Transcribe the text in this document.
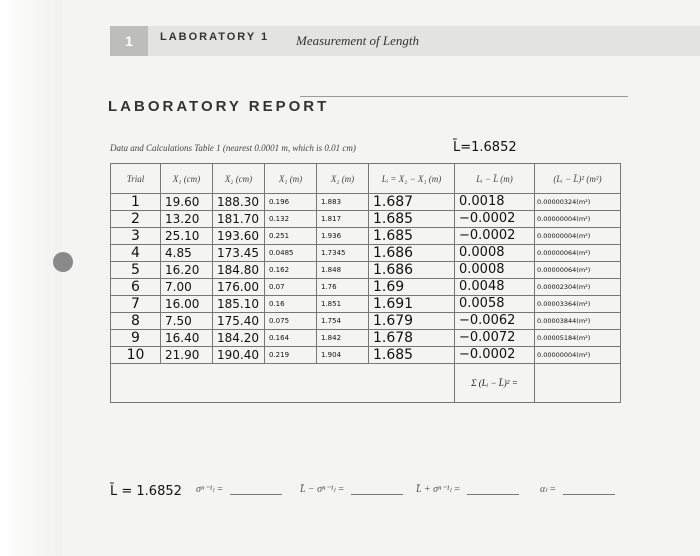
1	LABORATORY 1 Measurement of Length
LABORATORY REPORT
Data and Calculations Table 1 (nearest 0.0001 m, which is 0.01 cm)	L̄=1.6852
Trial	X₁ (cm)	X₂ (cm)	X₁ (m)	X₂ (m)	Lᵢ = X₂ − X₁ (m)	Lᵢ − L̄ (m)	(Lᵢ − L̄)² (m²)
1	19.60	188.30	0.196	1.883	1.687	0.0018	0.00000324(m²)
2	13.20	181.70	0.132	1.817	1.685	−0.0002	0.00000004(m²)
3	25.10	193.60	0.251	1.936	1.685	−0.0002	0.00000004(m²)
4	4.85	173.45	0.0485	1.7345	1.686	0.0008	0.00000064(m²)
5	16.20	184.80	0.162	1.848	1.686	0.0008	0.00000064(m²)
6	7.00	176.00	0.07	1.76	1.69	0.0048	0.00002304(m²)
7	16.00	185.10	0.16	1.851	1.691	0.0058	0.00003364(m²)
8	7.50	175.40	0.075	1.754	1.679	−0.0062	0.00003844(m²)
9	16.40	184.20	0.164	1.842	1.678	−0.0072	0.00005184(m²)
10	21.90	190.40	0.219	1.904	1.685	−0.0002	0.00000004(m²)
						Σ (Lᵢ − L̄)² =	
L̄ = 1.6852 σⁿ⁻¹ₗ =	L̄ − σⁿ⁻¹ₗ =	L̄ + σⁿ⁻¹ₗ =	αₗ =
